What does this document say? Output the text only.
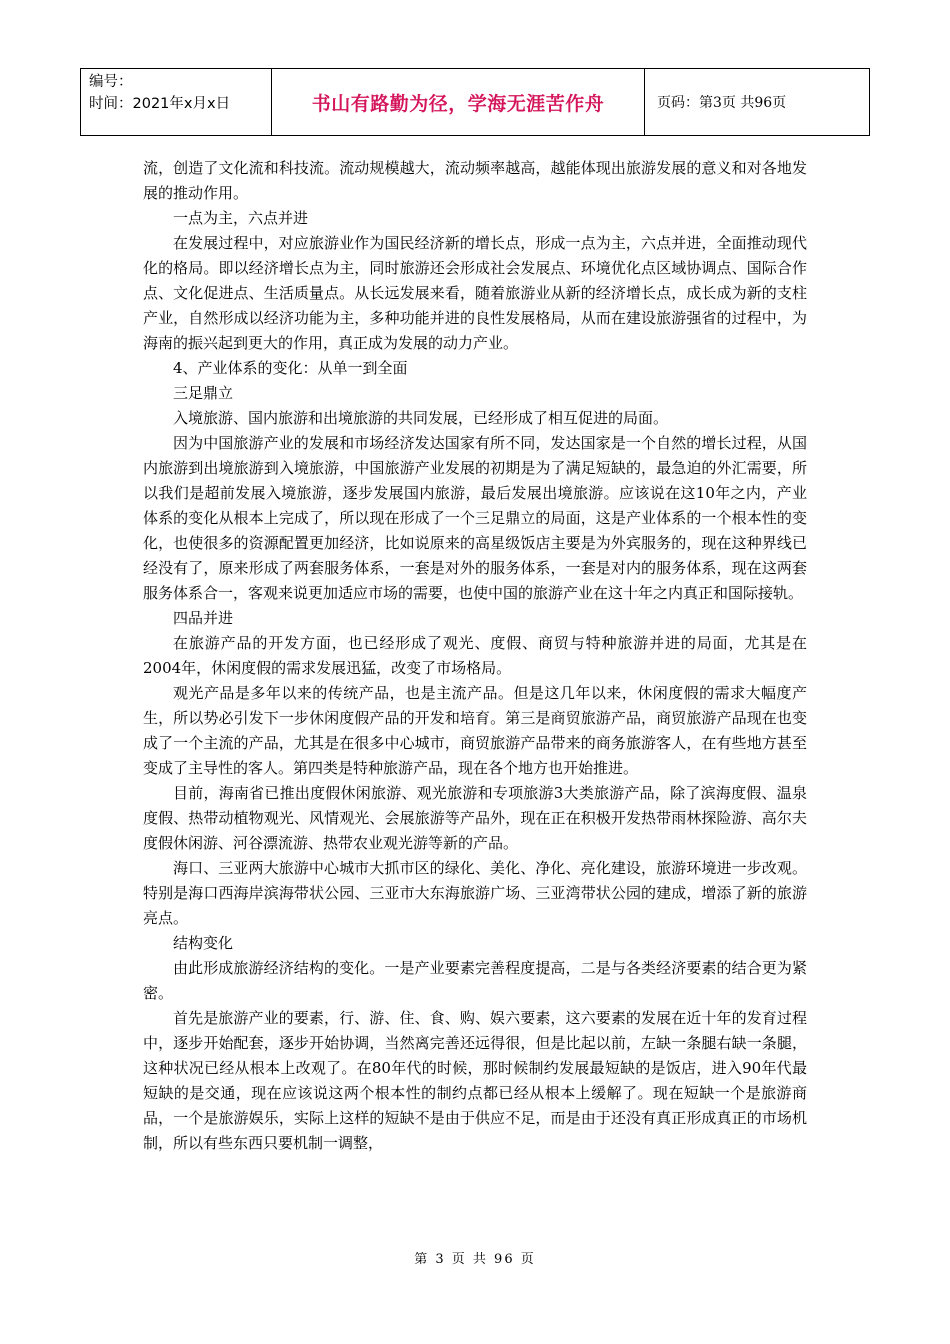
编号：
时间：2021年x月x日	书山有路勤为径，学海无涯苦作舟	页码：第3页 共96页

流，创造了文化流和科技流。流动规模越大，流动频率越高，越能体现出旅游发展的意义和对各地发展的推动作用。

一点为主，六点并进

在发展过程中，对应旅游业作为国民经济新的增长点，形成一点为主，六点并进，全面推动现代化的格局。即以经济增长点为主，同时旅游还会形成社会发展点、环境优化点区域协调点、国际合作点、文化促进点、生活质量点。从长远发展来看，随着旅游业从新的经济增长点，成长成为新的支柱产业，自然形成以经济功能为主，多种功能并进的良性发展格局，从而在建设旅游强省的过程中，为海南的振兴起到更大的作用，真正成为发展的动力产业。

4、产业体系的变化：从单一到全面

三足鼎立

入境旅游、国内旅游和出境旅游的共同发展，已经形成了相互促进的局面。

因为中国旅游产业的发展和市场经济发达国家有所不同，发达国家是一个自然的增长过程，从国内旅游到出境旅游到入境旅游，中国旅游产业发展的初期是为了满足短缺的，最急迫的外汇需要，所以我们是超前发展入境旅游，逐步发展国内旅游，最后发展出境旅游。应该说在这10年之内，产业体系的变化从根本上完成了，所以现在形成了一个三足鼎立的局面，这是产业体系的一个根本性的变化，也使很多的资源配置更加经济，比如说原来的高星级饭店主要是为外宾服务的，现在这种界线已经没有了，原来形成了两套服务体系，一套是对外的服务体系，一套是对内的服务体系，现在这两套服务体系合一，客观来说更加适应市场的需要，也使中国的旅游产业在这十年之内真正和国际接轨。

四品并进

在旅游产品的开发方面，也已经形成了观光、度假、商贸与特种旅游并进的局面，尤其是在2004年，休闲度假的需求发展迅猛，改变了市场格局。

观光产品是多年以来的传统产品，也是主流产品。但是这几年以来，休闲度假的需求大幅度产生，所以势必引发下一步休闲度假产品的开发和培育。第三是商贸旅游产品，商贸旅游产品现在也变成了一个主流的产品，尤其是在很多中心城市，商贸旅游产品带来的商务旅游客人，在有些地方甚至变成了主导性的客人。第四类是特种旅游产品，现在各个地方也开始推进。

目前，海南省已推出度假休闲旅游、观光旅游和专项旅游3大类旅游产品，除了滨海度假、温泉度假、热带动植物观光、风情观光、会展旅游等产品外，现在正在积极开发热带雨林探险游、高尔夫度假休闲游、河谷漂流游、热带农业观光游等新的产品。

海口、三亚两大旅游中心城市大抓市区的绿化、美化、净化、亮化建设，旅游环境进一步改观。特别是海口西海岸滨海带状公园、三亚市大东海旅游广场、三亚湾带状公园的建成，增添了新的旅游亮点。

结构变化

由此形成旅游经济结构的变化。一是产业要素完善程度提高，二是与各类经济要素的结合更为紧密。

首先是旅游产业的要素，行、游、住、食、购、娱六要素，这六要素的发展在近十年的发育过程中，逐步开始配套，逐步开始协调，当然离完善还远得很，但是比起以前，左缺一条腿右缺一条腿，这种状况已经从根本上改观了。在80年代的时候，那时候制约发展最短缺的是饭店，进入90年代最短缺的是交通，现在应该说这两个根本性的制约点都已经从根本上缓解了。现在短缺一个是旅游商品，一个是旅游娱乐，实际上这样的短缺不是由于供应不足，而是由于还没有真正形成真正的市场机制，所以有些东西只要机制一调整，

第 3 页 共 96 页
